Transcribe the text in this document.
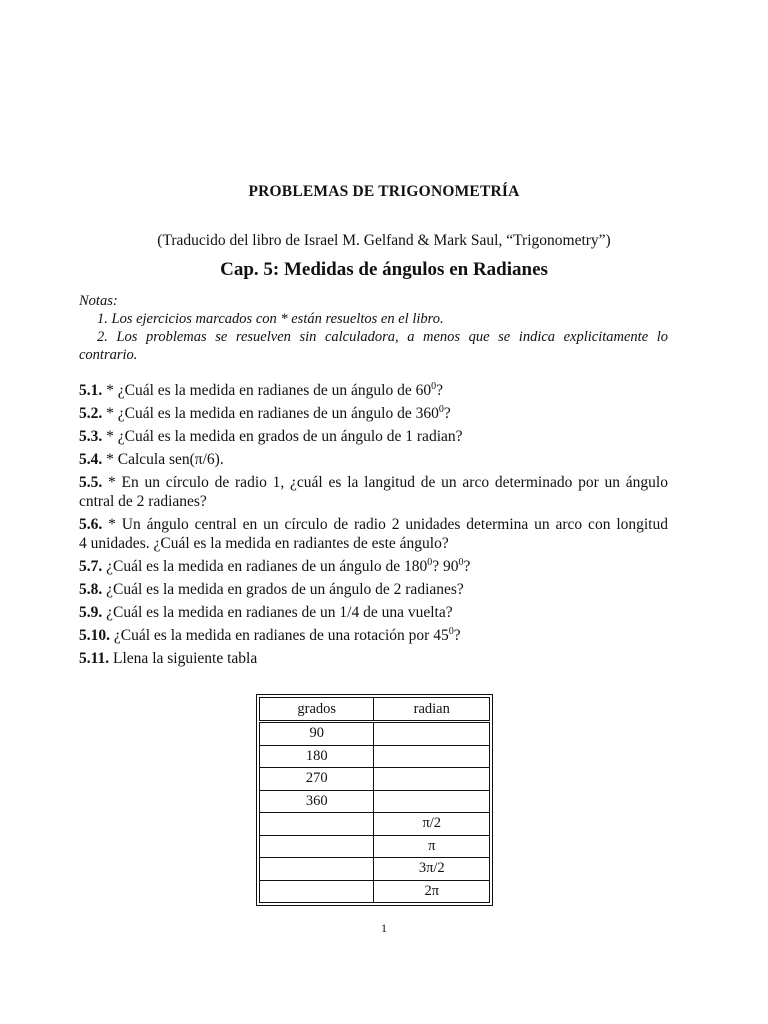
PROBLEMAS DE TRIGONOMETRÍA
(Traducido del libro de Israel M. Gelfand & Mark Saul, “Trigonometry”)
Cap. 5: Medidas de ángulos en Radianes
Notas:
1. Los ejercicios marcados con * están resueltos en el libro.
2. Los problemas se resuelven sin calculadora, a menos que se indica explicitamente lo
contrario.

5.1. * ¿Cuál es la medida en radianes de un ángulo de $60^0$?

5.2. * ¿Cuál es la medida en radianes de un ángulo de $360^0$?

5.3. * ¿Cuál es la medida en grados de un ángulo de 1 radian?

5.4. * Calcula sen(π/6).

5.5. * En un círculo de radio 1, ¿cuál es la langitud de un arco determinado por un ángulo
cntral de 2 radianes?

5.6. * Un ángulo central en un círculo de radio 2 unidades determina un arco con longitud
4 unidades. ¿Cuál es la medida en radiantes de este ángulo?

5.7. ¿Cuál es la medida en radianes de un ángulo de $180^0$? $90^0$?

5.8. ¿Cuál es la medida en grados de un ángulo de 2 radianes?

5.9. ¿Cuál es la medida en radianes de un 1/4 de una vuelta?

5.10. ¿Cuál es la medida en radianes de una rotación por $45^0$?

5.11. Llena la siguiente tabla

grados	radian
90	
180	
270	
360	
	π/2
	π
	3π/2
	2π
1
